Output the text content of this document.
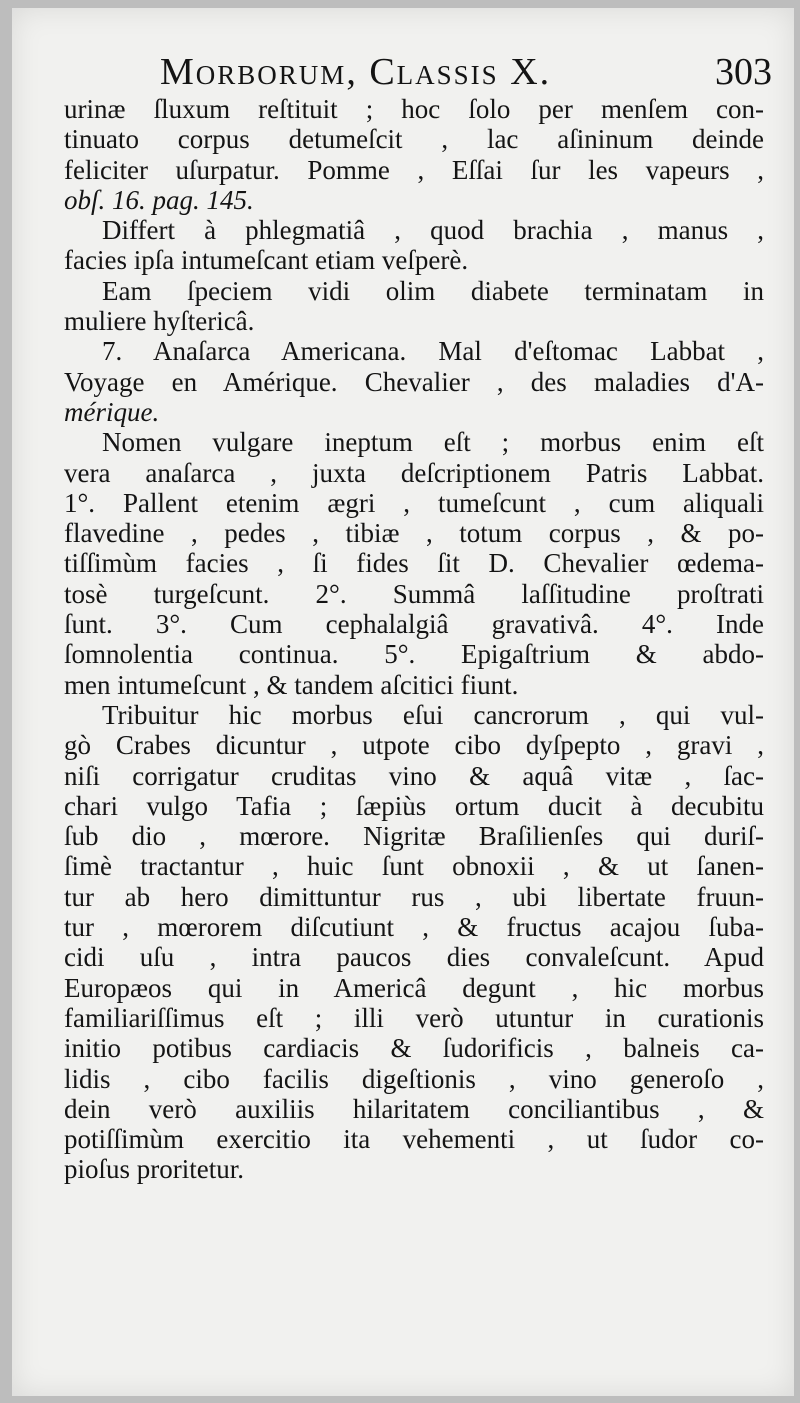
Morborum, Classis X.	303
urinæ ſluxum reſtituit ; hoc ſolo per menſem con-
tinuato corpus detumeſcit , lac aſininum deinde
feliciter uſurpatur. Pomme , Eſſai ſur les vapeurs ,
obſ. 16. pag. 145.
Differt à phlegmatiâ , quod brachia , manus ,
facies ipſa intumeſcant etiam veſperè.
Eam ſpeciem vidi olim diabete terminatam in
muliere hyſtericâ.
7. Anaſarca Americana. Mal d'eſtomac Labbat ,
Voyage en Amérique. Chevalier , des maladies d'A-
mérique.
Nomen vulgare ineptum eſt ; morbus enim eſt
vera anaſarca , juxta deſcriptionem Patris Labbat.
1°. Pallent etenim ægri , tumeſcunt , cum aliquali
flavedine , pedes , tibiæ , totum corpus , & po-
tiſſimùm facies , ſi fides ſit D. Chevalier œdema-
tosè turgeſcunt. 2°. Summâ laſſitudine proſtrati
ſunt. 3°. Cum cephalalgiâ gravativâ. 4°. Inde
ſomnolentia continua. 5°. Epigaſtrium & abdo-
men intumeſcunt , & tandem aſcitici fiunt.
Tribuitur hic morbus eſui cancrorum , qui vul-
gò Crabes dicuntur , utpote cibo dyſpepto , gravi ,
niſi corrigatur cruditas vino & aquâ vitæ , ſac-
chari vulgo Tafia ; ſæpiùs ortum ducit à decubitu
ſub dio , mœrore. Nigritæ Braſilienſes qui duriſ-
ſimè tractantur , huic ſunt obnoxii , & ut ſanen-
tur ab hero dimittuntur rus , ubi libertate fruun-
tur , mœrorem diſcutiunt , & fructus acajou ſuba-
cidi uſu , intra paucos dies convaleſcunt. Apud
Europæos qui in Americâ degunt , hic morbus
familiariſſimus eſt ; illi verò utuntur in curationis
initio potibus cardiacis & ſudorificis , balneis ca-
lidis , cibo facilis digeſtionis , vino generoſo ,
dein verò auxiliis hilaritatem conciliantibus , &
potiſſimùm exercitio ita vehementi , ut ſudor co-
pioſus proritetur.
